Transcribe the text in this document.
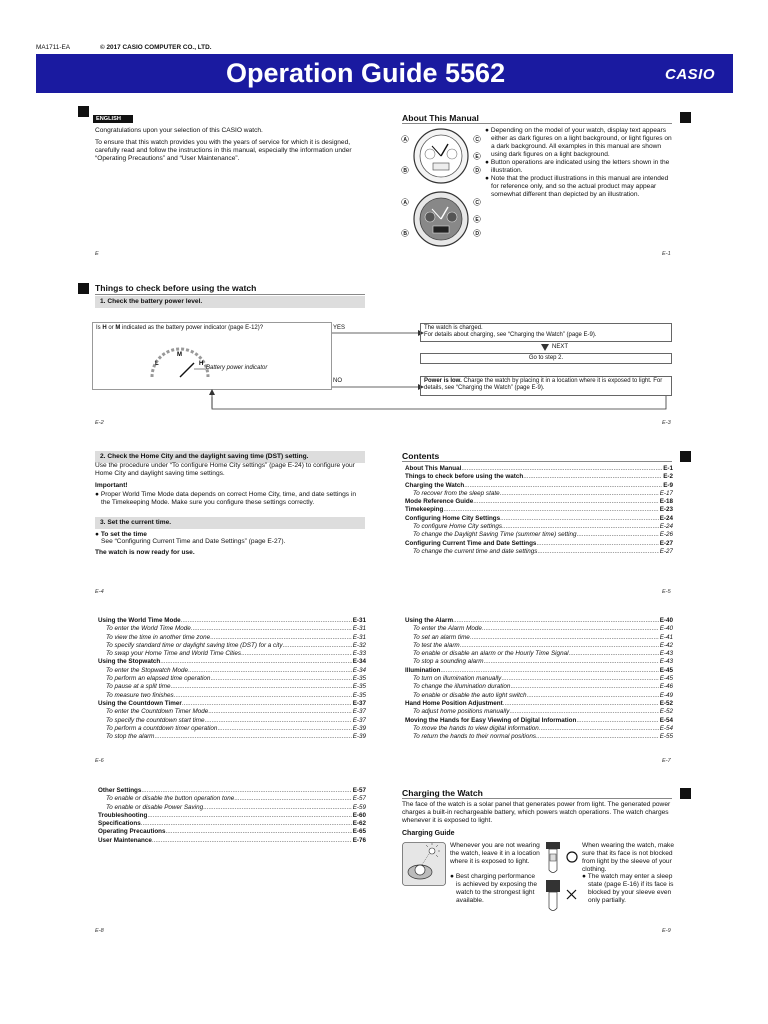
MA1711-EA	© 2017 CASIO COMPUTER CO., LTD.
Operation Guide 5562	CASIO
ENGLISH
Congratulations upon your selection of this CASIO watch.
To ensure that this watch provides you with the years of service for which it is designed, carefully read and follow the instructions in this manual, especially the information under “Operating Precautions” and “User Maintenance”.
E
About This Manual
A
B
C
D
E
A
B
C
D
E
● Depending on the model of your watch, display text appears either as dark figures on a light background, or light figures on a dark background. All examples in this manual are shown using dark figures on a light background.
● Button operations are indicated using the letters shown in the illustration.
● Note that the product illustrations in this manual are intended for reference only, and so the actual product may appear somewhat different than depicted by an illustration.
E-1
Things to check before using the watch
1. Check the battery power level.
Is H or M indicated as the battery power indicator (page E-12)?
L
M
H
Battery power indicator
YES
NO
The watch is charged.
For details about charging, see “Charging the Watch” (page E-9).
NEXT
Go to step 2.
Power is low. Charge the watch by placing it in a location where it is exposed to light. For details, see “Charging the Watch” (page E-9).
E-2	E-3
2. Check the Home City and the daylight saving time (DST) setting.
Use the procedure under “To configure Home City settings” (page E-24) to configure your Home City and daylight saving time settings.
Important!
● Proper World Time Mode data depends on correct Home City, time, and date settings in the Timekeeping Mode. Make sure you configure these settings correctly.
3. Set the current time.
● To set the time
See “Configuring Current Time and Date Settings” (page E-27).
The watch is now ready for use.
E-4
Contents
About This Manual .....	E-1
Things to check before using the watch .....	E-2
Charging the Watch .....	E-9
To recover from the sleep state .....	E-17
Mode Reference Guide .....	E-18
Timekeeping .....	E-23
Configuring Home City Settings .....	E-24
To configure Home City settings .....	E-24
To change the Daylight Saving Time (summer time) setting .....	E-26
Configuring Current Time and Date Settings .....	E-27
To change the current time and date settings .....	E-27
E-5
Using the World Time Mode .....	E-31
To enter the World Time Mode .....	E-31
To view the time in another time zone .....	E-31
To specify standard time or daylight saving time (DST) for a city .....	E-32
To swap your Home Time and World Time Cities .....	E-33
Using the Stopwatch .....	E-34
To enter the Stopwatch Mode .....	E-34
To perform an elapsed time operation .....	E-35
To pause at a split time .....	E-35
To measure two finishes .....	E-35
Using the Countdown Timer .....	E-37
To enter the Countdown Timer Mode .....	E-37
To specify the countdown start time .....	E-37
To perform a countdown timer operation .....	E-39
To stop the alarm .....	E-39
E-6
Using the Alarm .....	E-40
To enter the Alarm Mode .....	E-40
To set an alarm time .....	E-41
To test the alarm .....	E-42
To enable or disable an alarm or the Hourly Time Signal .....	E-43
To stop a sounding alarm .....	E-43
Illumination .....	E-45
To turn on illumination manually .....	E-45
To change the illumination duration .....	E-46
To enable or disable the auto light switch .....	E-49
Hand Home Position Adjustment .....	E-52
To adjust home positions manually .....	E-52
Moving the Hands for Easy Viewing of Digital Information .....	E-54
To move the hands to view digital information .....	E-54
To return the hands to their normal positions .....	E-55
E-7
Other Settings .....	E-57
To enable or disable the button operation tone .....	E-57
To enable or disable Power Saving .....	E-59
Troubleshooting .....	E-60
Specifications .....	E-62
Operating Precautions .....	E-65
User Maintenance .....	E-76
E-8
Charging the Watch
The face of the watch is a solar panel that generates power from light. The generated power charges a built-in rechargeable battery, which powers watch operations. The watch charges whenever it is exposed to light.
Charging Guide
Whenever you are not wearing the watch, leave it in a location where it is exposed to light.
● Best charging performance is achieved by exposing the watch to the strongest light available.
When wearing the watch, make sure that its face is not blocked from light by the sleeve of your clothing.
● The watch may enter a sleep state (page E-16) if its face is blocked by your sleeve even only partially.
E-9
